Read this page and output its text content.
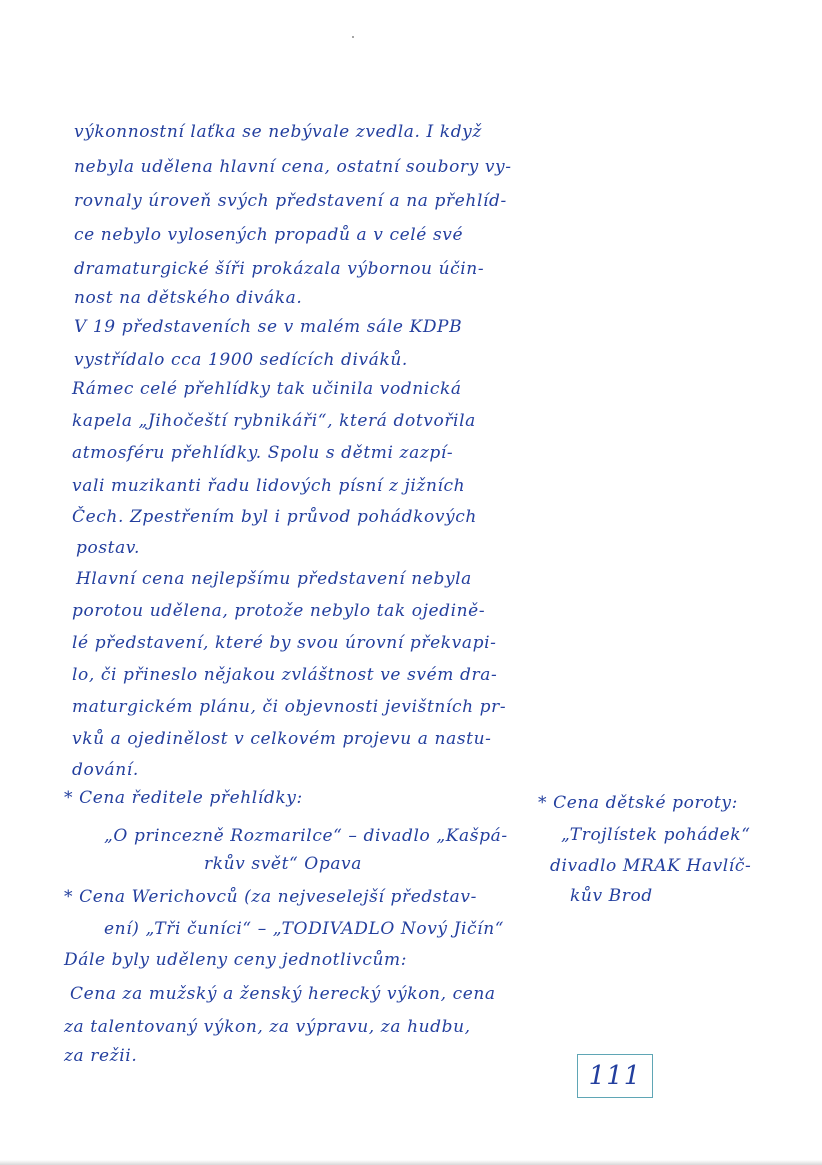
výkonnostní laťka se nebývale zvedla. I když
nebyla udělena hlavní cena, ostatní soubory vy-
rovnaly úroveň svých představení a na přehlíd-
ce nebylo vylosených propadů a v celé své
dramaturgické šíři prokázala výbornou účin-
nost na dětského diváka.
V 19 představeních se v malém sále KDPB
vystřídalo cca 1900 sedících diváků.
Rámec celé přehlídky tak učinila vodnická
kapela „Jihočeští rybnikáři“, která dotvořila
atmosféru přehlídky. Spolu s dětmi zazpí-
vali muzikanti řadu lidových písní z jižních
Čech. Zpestřením byl i průvod pohádkových
postav.
Hlavní cena nejlepšímu představení nebyla
porotou udělena, protože nebylo tak ojedině-
lé představení, které by svou úrovní překvapi-
lo, či přineslo nějakou zvláštnost ve svém dra-
maturgickém plánu, či objevnosti jevištních pr-
vků a ojedinělost v celkovém projevu a nastu-
dování.
* Cena ředitele přehlídky:
„O princezně Rozmarilce“ – divadlo „Kašpá-
rkův svět“ Opava
* Cena dětské poroty:
„Trojlístek pohádek“
divadlo MRAK Havlíč-
kův Brod
* Cena Werichovců (za nejveselejší představ-
ení) „Tři čuníci“ – „TODIVADLO Nový Jičín“
Dále byly uděleny ceny jednotlivcům:
Cena za mužský a ženský herecký výkon, cena
za talentovaný výkon, za výpravu, za hudbu,
za režii.
111
